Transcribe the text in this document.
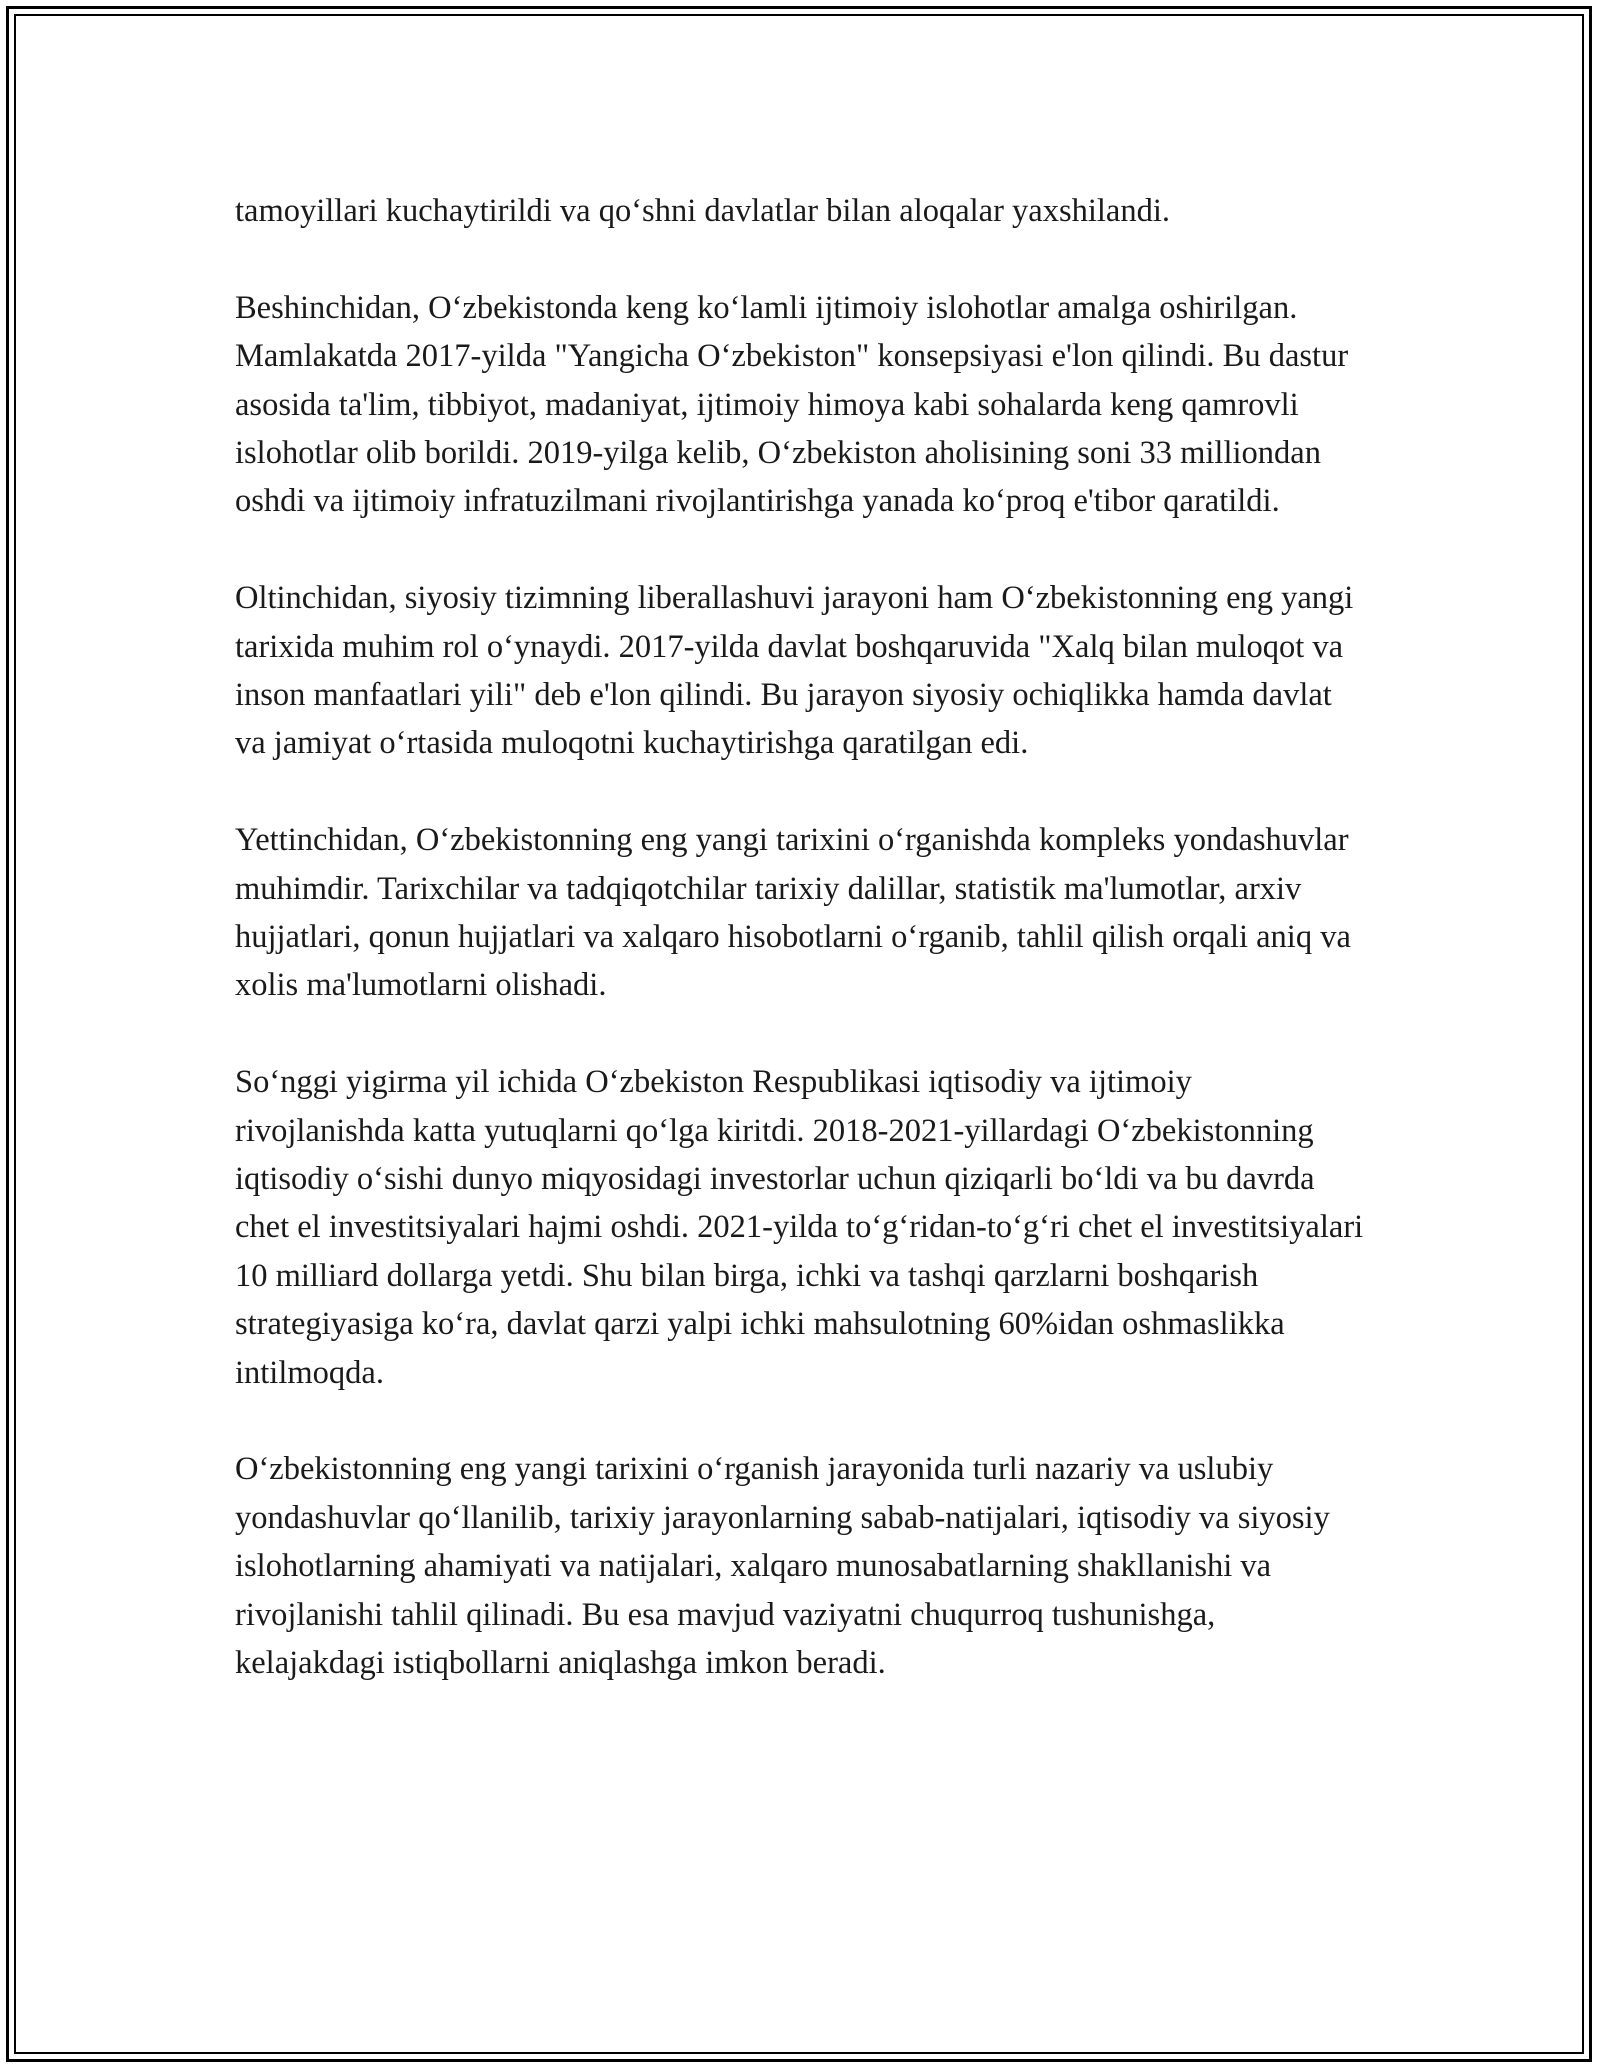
tamoyillari kuchaytirildi va qo‘shni davlatlar bilan aloqalar yaxshilandi.

Beshinchidan, O‘zbekistonda keng ko‘lamli ijtimoiy islohotlar amalga oshirilgan. Mamlakatda 2017-yilda "Yangicha O‘zbekiston" konsepsiyasi e'lon qilindi. Bu dastur asosida ta'lim, tibbiyot, madaniyat, ijtimoiy himoya kabi sohalarda keng qamrovli islohotlar olib borildi. 2019-yilga kelib, O‘zbekiston aholisining soni 33 milliondan oshdi va ijtimoiy infratuzilmani rivojlantirishga yanada ko‘proq e'tibor qaratildi.

Oltinchidan, siyosiy tizimning liberallashuvi jarayoni ham O‘zbekistonning eng yangi tarixida muhim rol o‘ynaydi. 2017-yilda davlat boshqaruvida "Xalq bilan muloqot va inson manfaatlari yili" deb e'lon qilindi. Bu jarayon siyosiy ochiqlikka hamda davlat va jamiyat o‘rtasida muloqotni kuchaytirishga qaratilgan edi.

Yettinchidan, O‘zbekistonning eng yangi tarixini o‘rganishda kompleks yondashuvlar muhimdir. Tarixchilar va tadqiqotchilar tarixiy dalillar, statistik ma'lumotlar, arxiv hujjatlari, qonun hujjatlari va xalqaro hisobotlarni o‘rganib, tahlil qilish orqali aniq va xolis ma'lumotlarni olishadi.

So‘nggi yigirma yil ichida O‘zbekiston Respublikasi iqtisodiy va ijtimoiy rivojlanishda katta yutuqlarni qo‘lga kiritdi. 2018-2021-yillardagi O‘zbekistonning iqtisodiy o‘sishi dunyo miqyosidagi investorlar uchun qiziqarli bo‘ldi va bu davrda chet el investitsiyalari hajmi oshdi. 2021-yilda to‘g‘ridan-to‘g‘ri chet el investitsiyalari 10 milliard dollarga yetdi. Shu bilan birga, ichki va tashqi qarzlarni boshqarish strategiyasiga ko‘ra, davlat qarzi yalpi ichki mahsulotning 60%idan oshmaslikka intilmoqda.

O‘zbekistonning eng yangi tarixini o‘rganish jarayonida turli nazariy va uslubiy yondashuvlar qo‘llanilib, tarixiy jarayonlarning sabab-natijalari, iqtisodiy va siyosiy islohotlarning ahamiyati va natijalari, xalqaro munosabatlarning shakllanishi va rivojlanishi tahlil qilinadi. Bu esa mavjud vaziyatni chuqurroq tushunishga, kelajakdagi istiqbollarni aniqlashga imkon beradi.
